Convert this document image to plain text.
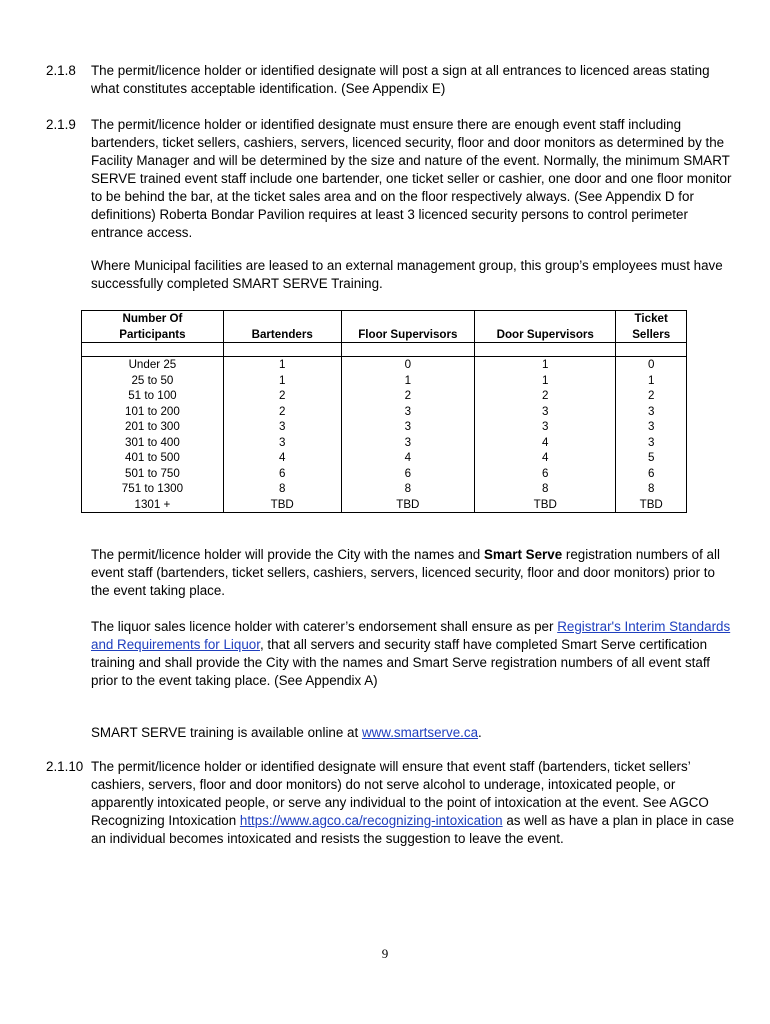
2.1.8 The permit/licence holder or identified designate will post a sign at all entrances to licenced areas stating what constitutes acceptable identification. (See Appendix E)
2.1.9 The permit/licence holder or identified designate must ensure there are enough event staff including bartenders, ticket sellers, cashiers, servers, licenced security, floor and door monitors as determined by the Facility Manager and will be determined by the size and nature of the event. Normally, the minimum SMART SERVE trained event staff include one bartender, one ticket seller or cashier, one door and one floor monitor to be behind the bar, at the ticket sales area and on the floor respectively always. (See Appendix D for definitions) Roberta Bondar Pavilion requires at least 3 licenced security persons to control perimeter entrance access.
Where Municipal facilities are leased to an external management group, this group’s employees must have successfully completed SMART SERVE Training.
Number Of Participants	Bartenders	Floor Supervisors	Door Supervisors	Ticket Sellers

Under 25	1	0	1	0
25 to 50	1	1	1	1
51 to 100	2	2	2	2
101 to 200	2	3	3	3
201 to 300	3	3	3	3
301 to 400	3	3	4	3
401 to 500	4	4	4	5
501 to 750	6	6	6	6
751 to 1300	8	8	8	8
1301 +	TBD	TBD	TBD	TBD
The permit/licence holder will provide the City with the names and Smart Serve registration numbers of all event staff (bartenders, ticket sellers, cashiers, servers, licenced security, floor and door monitors) prior to the event taking place.
The liquor sales licence holder with caterer’s endorsement shall ensure as per Registrar's Interim Standards and Requirements for Liquor, that all servers and security staff have completed Smart Serve certification training and shall provide the City with the names and Smart Serve registration numbers of all event staff prior to the event taking place. (See Appendix A)
SMART SERVE training is available online at www.smartserve.ca.
2.1.10 The permit/licence holder or identified designate will ensure that event staff (bartenders, ticket sellers’ cashiers, servers, floor and door monitors) do not serve alcohol to underage, intoxicated people, or apparently intoxicated people, or serve any individual to the point of intoxication at the event. See AGCO Recognizing Intoxication https://www.agco.ca/recognizing-intoxication as well as have a plan in place in case an individual becomes intoxicated and resists the suggestion to leave the event.
9
